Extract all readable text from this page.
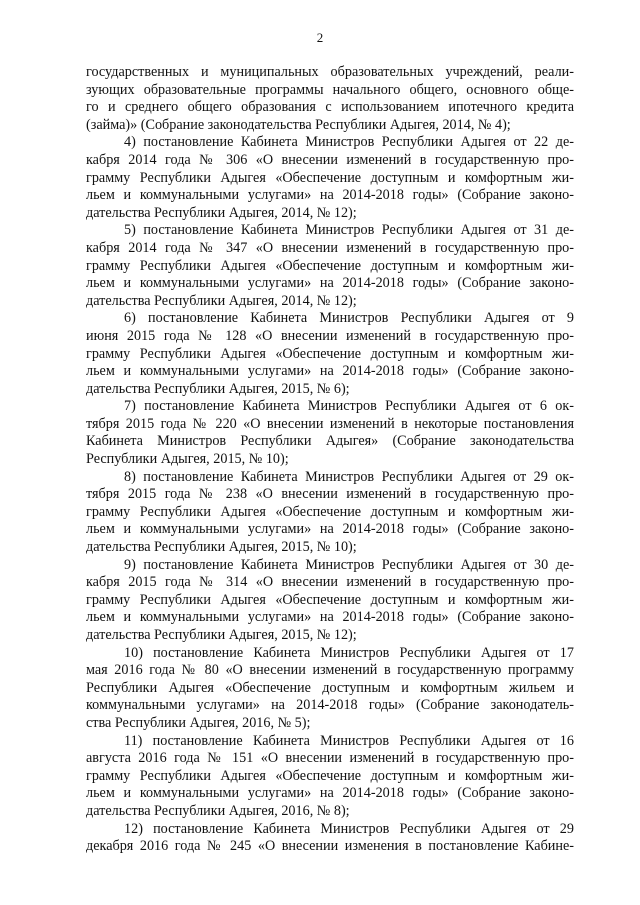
2
государственных и муниципальных образовательных учреждений, реали-
зующих образовательные программы начального общего, основного обще-
го и среднего общего образования с использованием ипотечного кредита
(займа)» (Собрание законодательства Республики Адыгея, 2014, № 4);
4) постановление Кабинета Министров Республики Адыгея от 22 де-
кабря 2014 года № 306 «О внесении изменений в государственную про-
грамму Республики Адыгея «Обеспечение доступным и комфортным жи-
льем и коммунальными услугами» на 2014-2018 годы» (Собрание законо-
дательства Республики Адыгея, 2014, № 12);
5) постановление Кабинета Министров Республики Адыгея от 31 де-
кабря 2014 года № 347 «О внесении изменений в государственную про-
грамму Республики Адыгея «Обеспечение доступным и комфортным жи-
льем и коммунальными услугами» на 2014-2018 годы» (Собрание законо-
дательства Республики Адыгея, 2014, № 12);
6) постановление Кабинета Министров Республики Адыгея от 9
июня 2015 года № 128 «О внесении изменений в государственную про-
грамму Республики Адыгея «Обеспечение доступным и комфортным жи-
льем и коммунальными услугами» на 2014-2018 годы» (Собрание законо-
дательства Республики Адыгея, 2015, № 6);
7) постановление Кабинета Министров Республики Адыгея от 6 ок-
тября 2015 года № 220 «О внесении изменений в некоторые постановления
Кабинета Министров Республики Адыгея» (Собрание законодательства
Республики Адыгея, 2015, № 10);
8) постановление Кабинета Министров Республики Адыгея от 29 ок-
тября 2015 года № 238 «О внесении изменений в государственную про-
грамму Республики Адыгея «Обеспечение доступным и комфортным жи-
льем и коммунальными услугами» на 2014-2018 годы» (Собрание законо-
дательства Республики Адыгея, 2015, № 10);
9) постановление Кабинета Министров Республики Адыгея от 30 де-
кабря 2015 года № 314 «О внесении изменений в государственную про-
грамму Республики Адыгея «Обеспечение доступным и комфортным жи-
льем и коммунальными услугами» на 2014-2018 годы» (Собрание законо-
дательства Республики Адыгея, 2015, № 12);
10) постановление Кабинета Министров Республики Адыгея от 17
мая 2016 года № 80 «О внесении изменений в государственную программу
Республики Адыгея «Обеспечение доступным и комфортным жильем и
коммунальными услугами» на 2014-2018 годы» (Собрание законодатель-
ства Республики Адыгея, 2016, № 5);
11) постановление Кабинета Министров Республики Адыгея от 16
августа 2016 года № 151 «О внесении изменений в государственную про-
грамму Республики Адыгея «Обеспечение доступным и комфортным жи-
льем и коммунальными услугами» на 2014-2018 годы» (Собрание законо-
дательства Республики Адыгея, 2016, № 8);
12) постановление Кабинета Министров Республики Адыгея от 29
декабря 2016 года № 245 «О внесении изменения в постановление Кабине-
